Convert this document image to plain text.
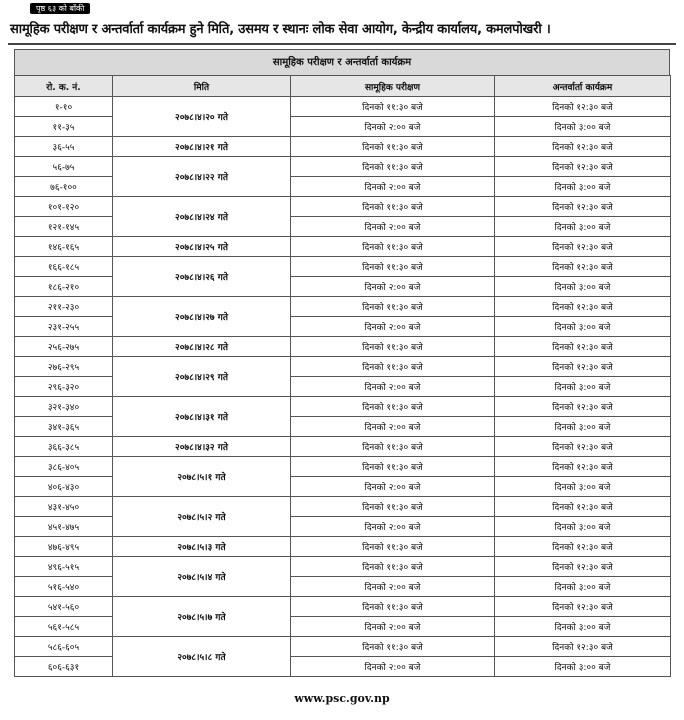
पृष्ठ ६३ को बाँकी
सामूहिक परीक्षण र अन्तर्वार्ता कार्यक्रम हुने मिति, उसमय र स्थानः लोक सेवा आयोग, केन्द्रीय कार्यालय, कमलपोखरी ।
सामूहिक परीक्षण र अन्तर्वार्ता कार्यक्रम
रो. क. नं.	मिति	सामूहिक परीक्षण	अन्तर्वार्ता कार्यक्रम
१-१०	२०७८।४।२० गते	दिनको ११:३० बजे	दिनको १२:३० बजे
११-३५		दिनको २:०० बजे	दिनको ३:०० बजे
३६-५५	२०७८।४।२१ गते	दिनको ११:३० बजे	दिनको १२:३० बजे
५६-७५	२०७८।४।२२ गते	दिनको ११:३० बजे	दिनको १२:३० बजे
७६-१००		दिनको २:०० बजे	दिनको ३:०० बजे
१०१-१२०	२०७८।४।२४ गते	दिनको ११:३० बजे	दिनको १२:३० बजे
१२१-१४५		दिनको २:०० बजे	दिनको ३:०० बजे
१४६-१६५	२०७८।४।२५ गते	दिनको ११:३० बजे	दिनको १२:३० बजे
१६६-१८५	२०७८।४।२६ गते	दिनको ११:३० बजे	दिनको १२:३० बजे
१८६-२१०		दिनको २:०० बजे	दिनको ३:०० बजे
२११-२३०	२०७८।४।२७ गते	दिनको ११:३० बजे	दिनको १२:३० बजे
२३१-२५५		दिनको २:०० बजे	दिनको ३:०० बजे
२५६-२७५	२०७८।४।२८ गते	दिनको ११:३० बजे	दिनको १२:३० बजे
२७६-२९५	२०७८।४।२९ गते	दिनको ११:३० बजे	दिनको १२:३० बजे
२९६-३२०		दिनको २:०० बजे	दिनको ३:०० बजे
३२१-३४०	२०७८।४।३१ गते	दिनको ११:३० बजे	दिनको १२:३० बजे
३४१-३६५		दिनको २:०० बजे	दिनको ३:०० बजे
३६६-३८५	२०७८।४।३२ गते	दिनको ११:३० बजे	दिनको १२:३० बजे
३८६-४०५	२०७८।५।१ गते	दिनको ११:३० बजे	दिनको १२:३० बजे
४०६-४३०		दिनको २:०० बजे	दिनको ३:०० बजे
४३१-४५०	२०७८।५।२ गते	दिनको ११:३० बजे	दिनको १२:३० बजे
४५१-४७५		दिनको २:०० बजे	दिनको ३:०० बजे
४७६-४९५	२०७८।५।३ गते	दिनको ११:३० बजे	दिनको १२:३० बजे
४९६-५१५	२०७८।५।४ गते	दिनको ११:३० बजे	दिनको १२:३० बजे
५१६-५४०		दिनको २:०० बजे	दिनको ३:०० बजे
५४१-५६०	२०७८।५।७ गते	दिनको ११:३० बजे	दिनको १२:३० बजे
५६१-५८५		दिनको २:०० बजे	दिनको ३:०० बजे
५८६-६०५	२०७८।५।८ गते	दिनको ११:३० बजे	दिनको १२:३० बजे
६०६-६३१		दिनको २:०० बजे	दिनको ३:०० बजे
www.psc.gov.np
